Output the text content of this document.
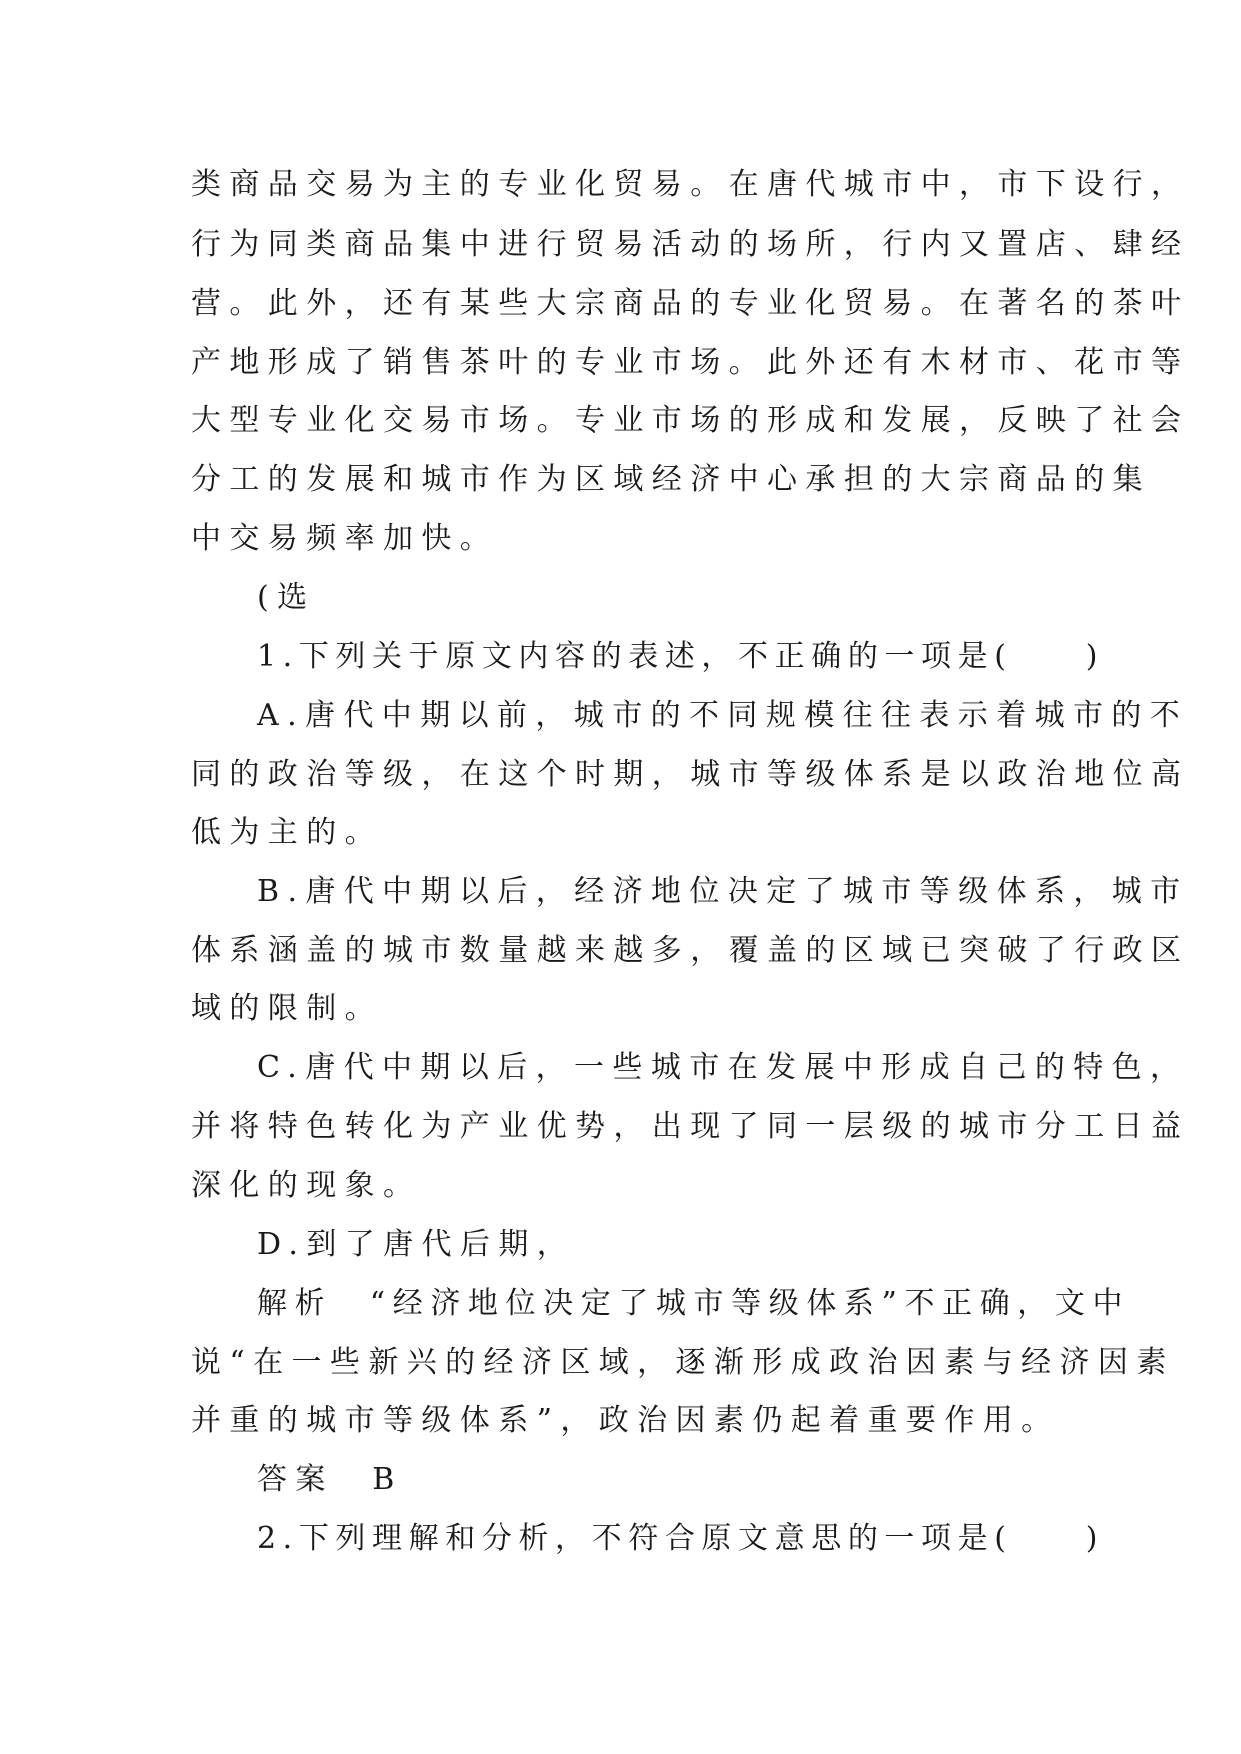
类商品交易为主的专业化贸易。在唐代城市中，市下设行，
行为同类商品集中进行贸易活动的场所，行内又置店、肆经
营。此外，还有某些大宗商品的专业化贸易。在著名的茶叶
产地形成了销售茶叶的专业市场。此外还有木材市、花市等
大型专业化交易市场。专业市场的形成和发展，反映了社会
分工的发展和城市作为区域经济中心承担的大宗商品的集
中交易频率加快。
(选
1.下列关于原文内容的表述，不正确的一项是(　　)
A.唐代中期以前，城市的不同规模往往表示着城市的不
同的政治等级，在这个时期，城市等级体系是以政治地位高
低为主的。
B.唐代中期以后，经济地位决定了城市等级体系，城市
体系涵盖的城市数量越来越多，覆盖的区域已突破了行政区
域的限制。
C.唐代中期以后，一些城市在发展中形成自己的特色，
并将特色转化为产业优势，出现了同一层级的城市分工日益
深化的现象。
D.到了唐代后期，
解析　“经济地位决定了城市等级体系”不正确，文中
说“在一些新兴的经济区域，逐渐形成政治因素与经济因素
并重的城市等级体系”，政治因素仍起着重要作用。
答案　B
2.下列理解和分析，不符合原文意思的一项是(　　)
